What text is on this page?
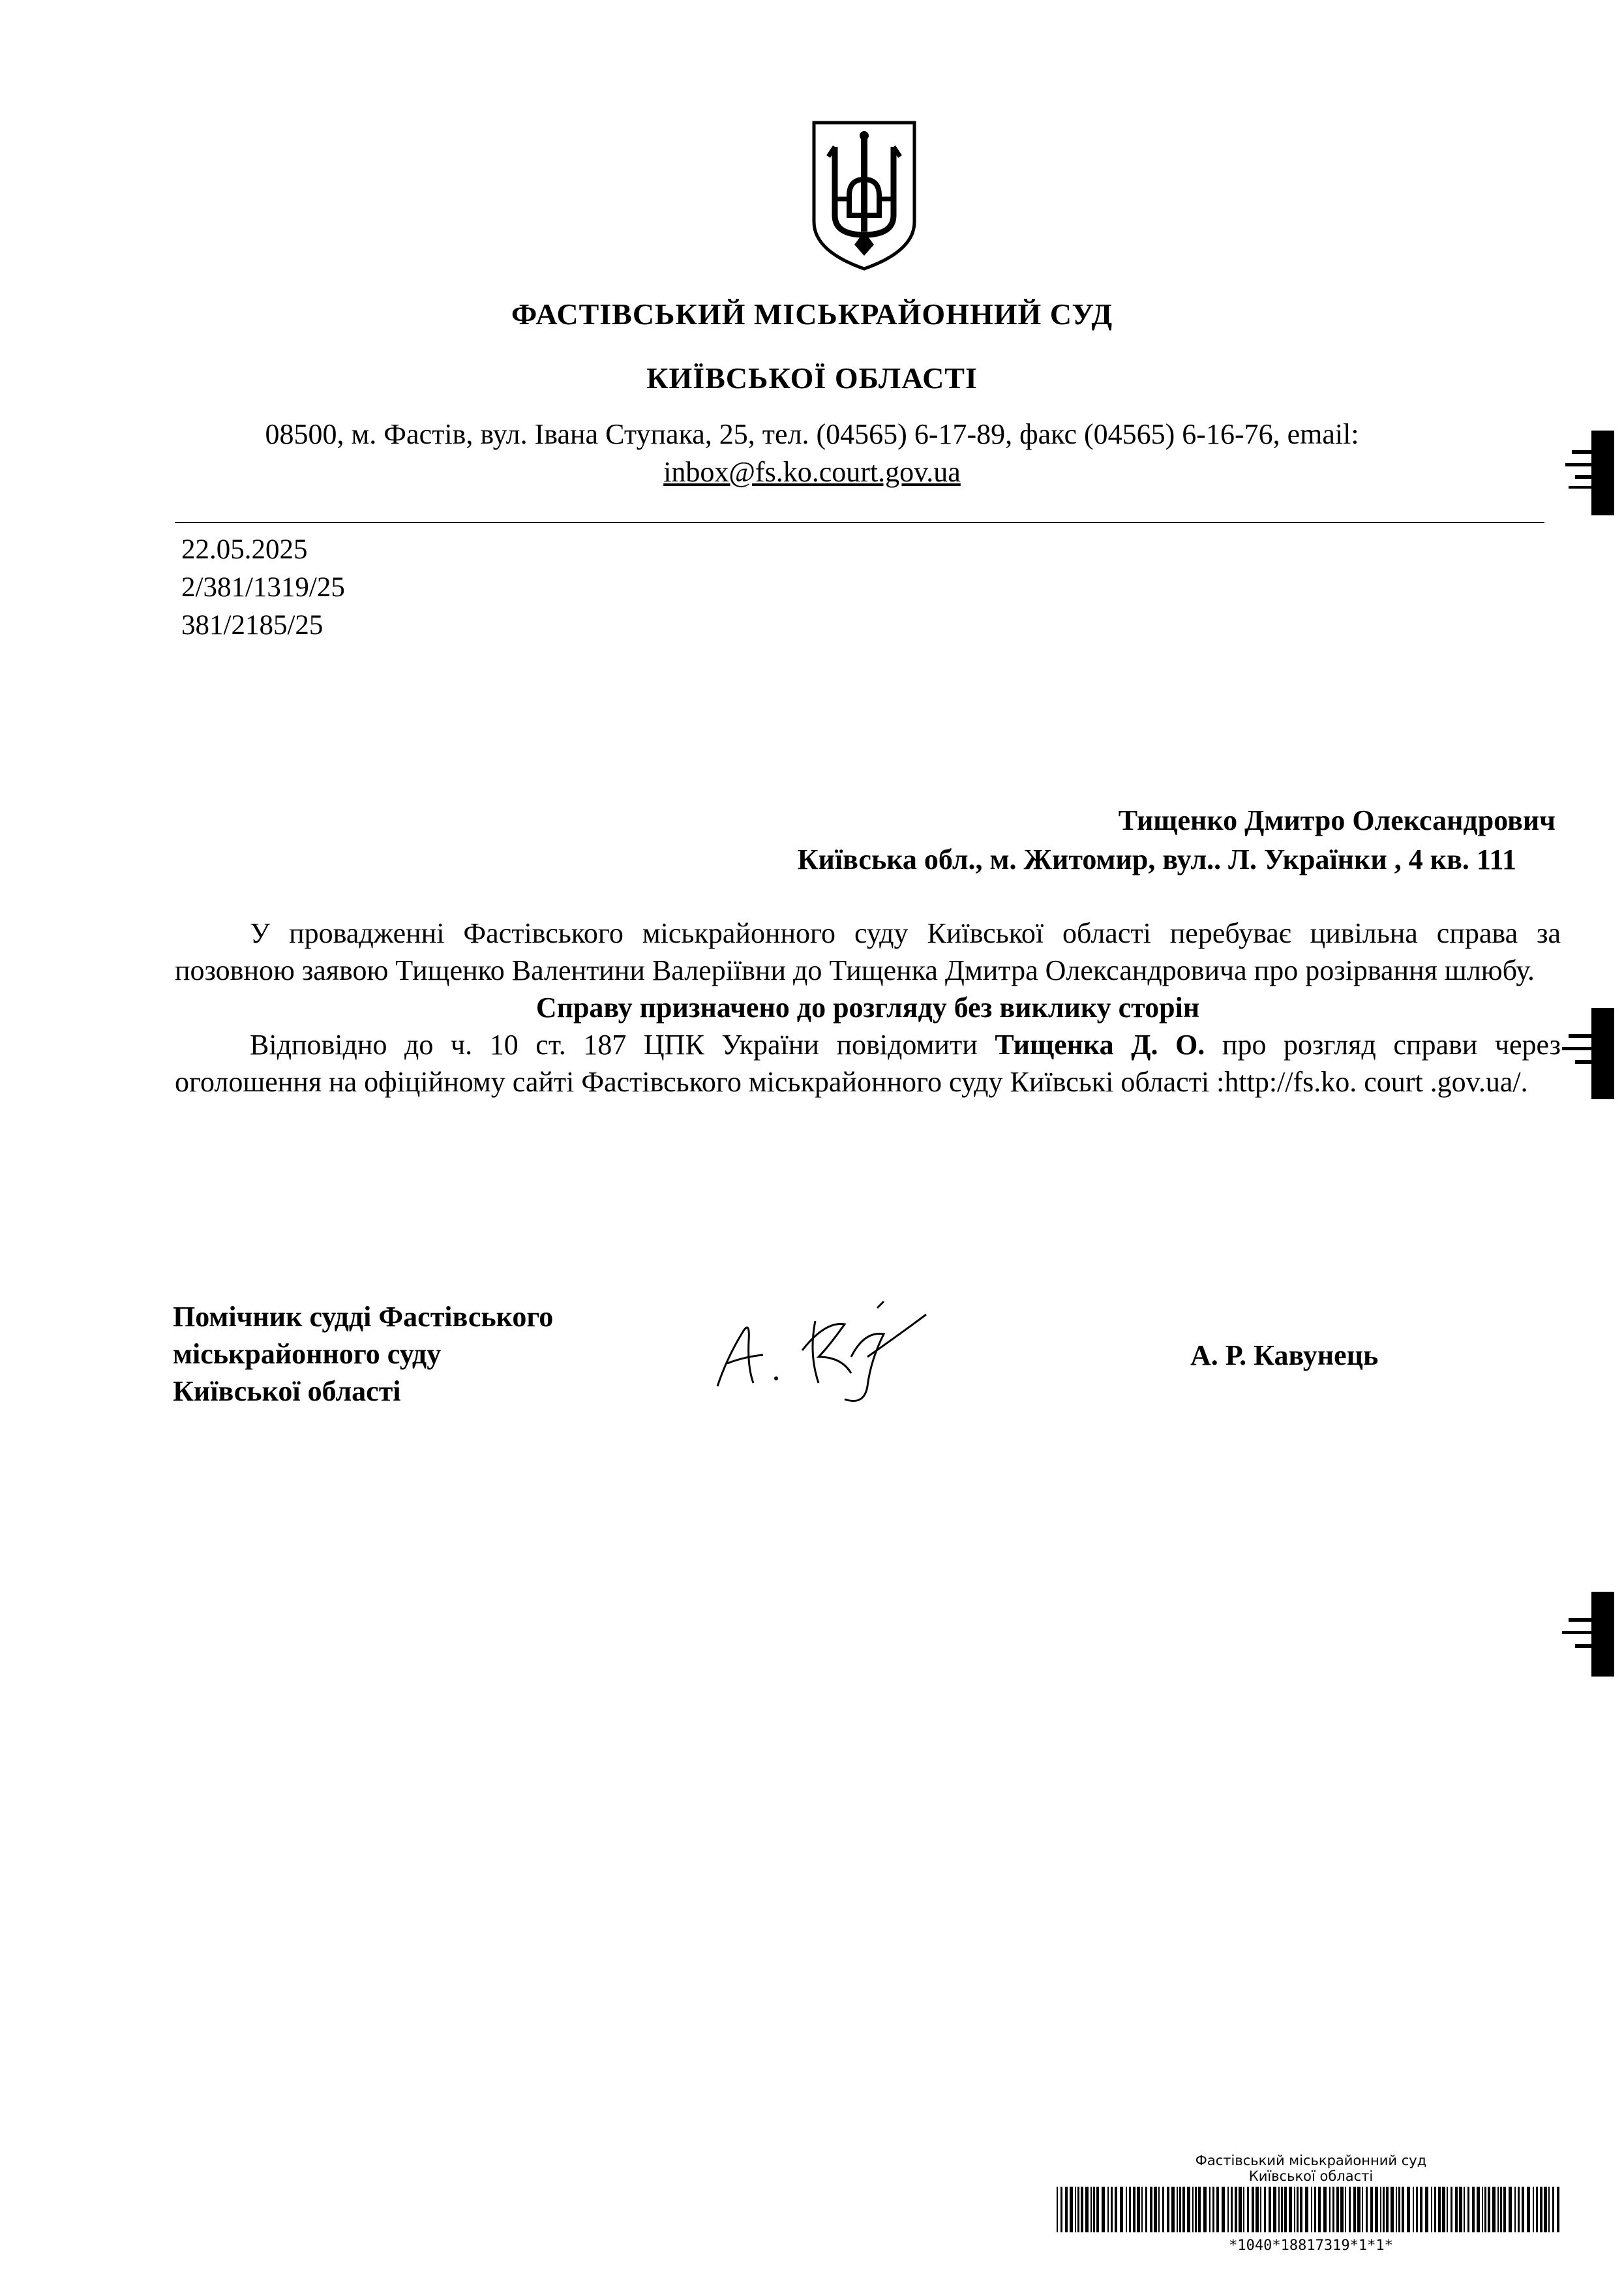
ФАСТІВСЬКИЙ МІСЬКРАЙОННИЙ СУД
КИЇВСЬКОЇ ОБЛАСТІ
08500, м. Фастів, вул. Івана Ступака, 25, тел. (04565) 6-17-89, факс (04565) 6-16-76, email:
inbox@fs.ko.court.gov.ua
22.05.2025
2/381/1319/25
381/2185/25
Тищенко Дмитро Олександрович
Київська обл., м. Житомир, вул.. Л. Українки , 4 кв. 111

У провадженні Фастівського міськрайонного суду Київської області перебуває цивільна справа за позовною заявою Тищенко Валентини Валеріївни до Тищенка Дмитра Олександровича про розірвання шлюбу.

Справу призначено до розгляду без виклику сторін

Відповідно до ч. 10 ст. 187 ЦПК України повідомити Тищенка Д. О. про розгляд справи через оголошення на офіційному сайті Фастівського міськрайонного суду Київські області :http://fs.ko. court .gov.ua/.

Помічник судді Фастівського
міськрайонного суду
Київської області
А. Р. Кавунець
Фастівський міськрайонний суд
Київської області
*1040*18817319*1*1*
